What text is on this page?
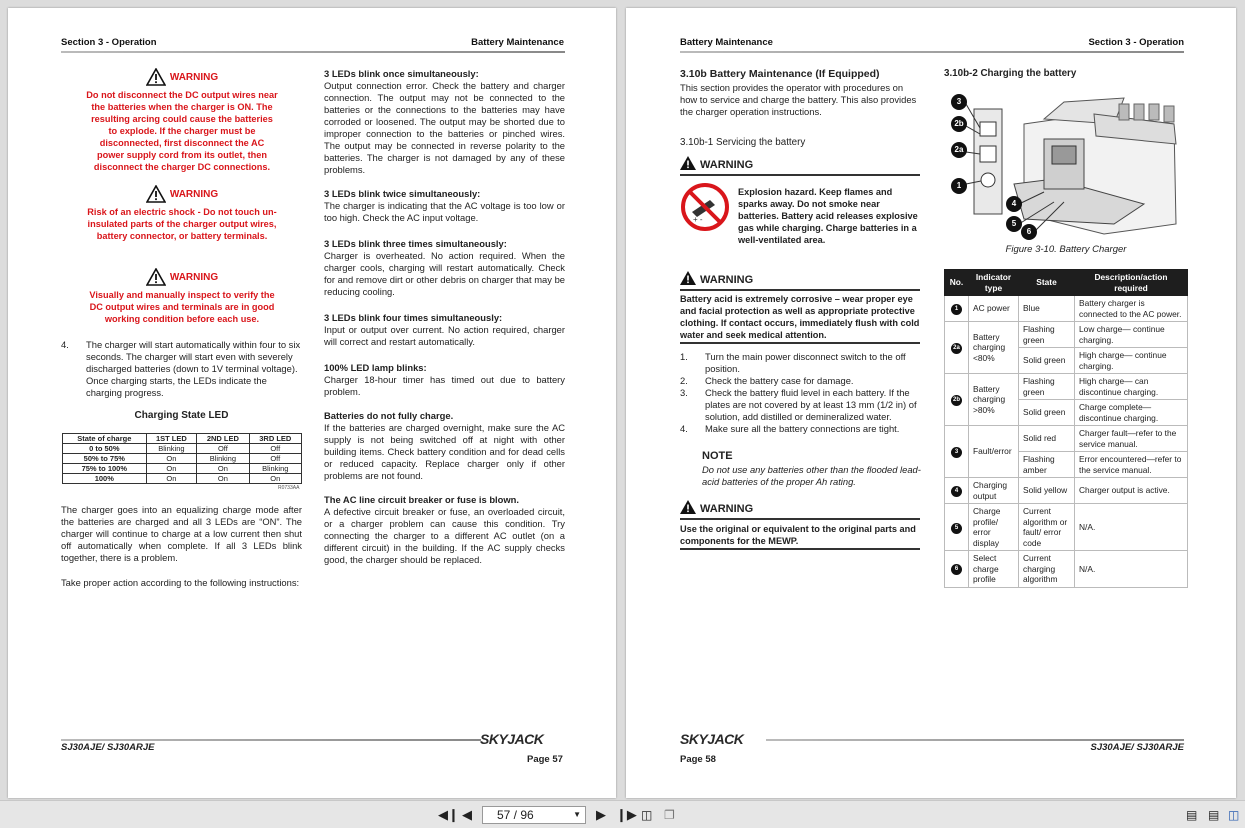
Section 3 - Operation	Battery Maintenance
WARNING
Do not disconnect the DC output wires near the batteries when the charger is ON. The resulting arcing could cause the batteries to explode. If the charger must be disconnected, first disconnect the AC power supply cord from its outlet, then disconnect the charger DC connections.
WARNING
Risk of an electric shock - Do not touch un-insulated parts of the charger output wires, battery connector, or battery terminals.
WARNING
Visually and manually inspect to verify the DC output wires and terminals are in good working condition before each use.
4. The charger will start automatically within four to six seconds. The charger will start even with severely discharged batteries (down to 1V terminal voltage). Once charging starts, the LEDs indicate the charging progress.
Charging State LED
State of charge	1ST LED	2ND LED	3RD LED
0 to 50%	Blinking	Off	Off
50% to 75%	On	Blinking	Off
75% to 100%	On	On	Blinking
100%	On	On	On
R0733AA
The charger goes into an equalizing charge mode after the batteries are charged and all 3 LEDs are “ON”. The charger will continue to charge at a low current then shut off automatically when complete. If all 3 LEDs blink together, there is a problem.
Take proper action according to the following instructions:
3 LEDs blink once simultaneously:
Output connection error. Check the battery and charger connection. The output may not be connected to the batteries or the connections to the batteries may have corroded or loosened. The output may be shorted due to improper connection to the batteries or pinched wires. The output may be connected in reverse polarity to the batteries. The charger is not damaged by any of these problems.
3 LEDs blink twice simultaneously:
The charger is indicating that the AC voltage is too low or too high. Check the AC input voltage.
3 LEDs blink three times simultaneously:
Charger is overheated. No action required. When the charger cools, charging will restart automatically. Check for and remove dirt or other debris on charger that may be reducing cooling.
3 LEDs blink four times simultaneously:
Input or output over current. No action required, charger will correct and restart automatically.
100% LED lamp blinks:
Charger 18-hour timer has timed out due to battery problem.
Batteries do not fully charge.
If the batteries are charged overnight, make sure the AC supply is not being switched off at night with other building items. Check battery condition and for dead cells or reduced capacity. Replace charger only if other problems are not found.
The AC line circuit breaker or fuse is blown.
A defective circuit breaker or fuse, an overloaded circuit, or a charger problem can cause this condition. Try connecting the charger to a different AC outlet (on a different circuit) in the building. If the AC supply checks good, the charger should be replaced.
SKYJACK
SJ30AJE/ SJ30ARJE
Page 57
Battery Maintenance	Section 3 - Operation
3.10b Battery Maintenance (If Equipped)
This section provides the operator with procedures on how to service and charge the battery. This also provides the charger operation instructions.
3.10b-1 Servicing the battery
WARNING
+ -
Explosion hazard. Keep flames and sparks away. Do not smoke near batteries. Battery acid releases explosive gas while charging. Charge batteries in a well-ventilated area.
WARNING
Battery acid is extremely corrosive – wear proper eye and facial protection as well as appropriate protective clothing. If contact occurs, immediately flush with cold water and seek medical attention.
1.	Turn the main power disconnect switch to the off position.
2.	Check the battery case for damage.
3.	Check the battery fluid level in each battery. If the plates are not covered by at least 13 mm (1/2 in) of solution, add distilled or demineralized water.
4.	Make sure all the battery connections are tight.
NOTE
Do not use any batteries other than the flooded lead-acid batteries of the proper Ah rating.
WARNING
Use the original or equivalent to the original parts and components for the MEWP.
3.10b-2 Charging the battery
3
2b
2a
1
4
5
6
Figure 3-10. Battery Charger
No.	Indicator type	State	Description/action required
1	AC power	Blue	Battery charger is connected to the AC power.
2a	Battery charging <80%	Flashing green	Low charge— continue charging.
		Solid green	High charge— continue charging.
2b	Battery charging >80%	Flashing green	High charge— can discontinue charging.
		Solid green	Charge complete— discontinue charging.
3	Fault/error	Solid red	Charger fault—refer to the service manual.
		Flashing amber	Error encountered—refer to the service manual.
4	Charging output	Solid yellow	Charger output is active.
5	Charge profile/ error display	Current algorithm or fault/ error code	N/A.
6	Select charge profile	Current charging algorithm	N/A.
SKYJACK
SJ30AJE/ SJ30ARJE
Page 58
◀❙ ◀	57 / 96	▼ ▶ ❙▶ ◫ ❐	▤ ▤ ◫
